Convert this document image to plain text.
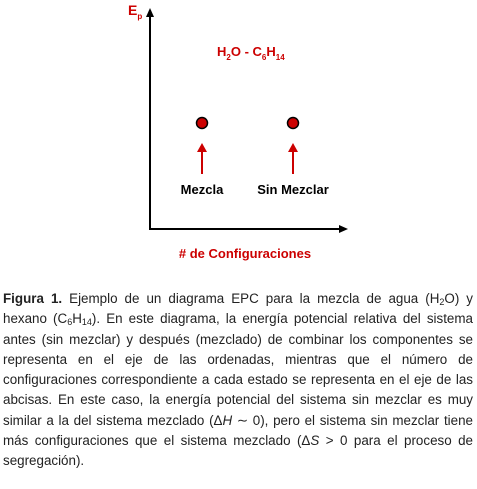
$E_p$
$H_2O - C_6H_{14}$
Mezcla	Sin Mezclar
# de Configuraciones

Figura 1. Ejemplo de un diagrama EPC para la mezcla de agua $(H_2O)$ y hexano $(C_6H_{14})$. En este diagrama, la energía potencial relativa del sistema antes (sin mezclar) y después (mezclado) de combinar los componentes se representa en el eje de las ordenadas, mientras que el número de configuraciones correspondiente a cada estado se representa en el eje de las abcisas. En este caso, la energía potencial del sistema sin mezclar es muy similar a la del sistema mezclado (ΔH ∼ 0), pero el sistema sin mezclar tiene más configuraciones que el sistema mezclado (ΔS > 0 para el proceso de segregación).
